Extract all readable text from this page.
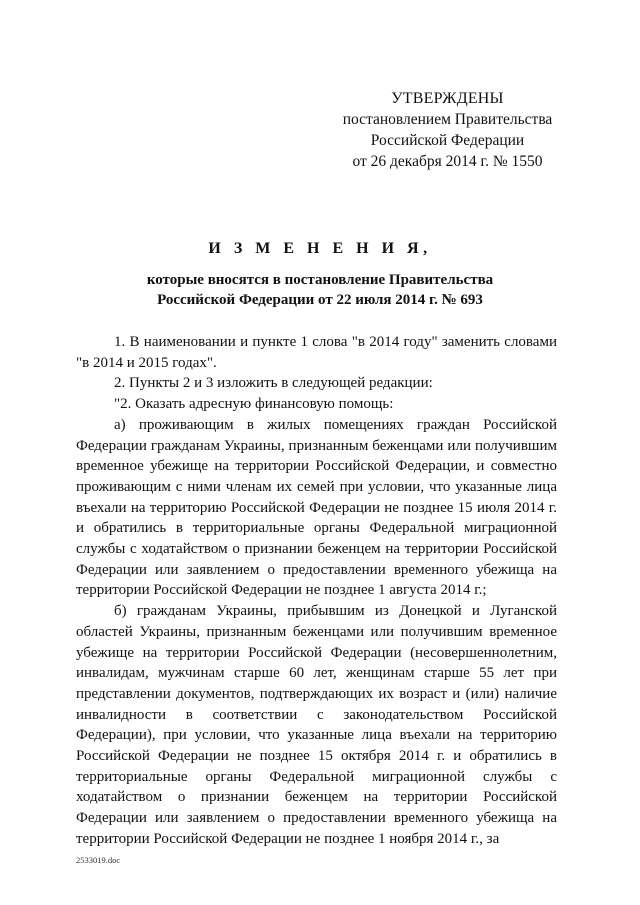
УТВЕРЖДЕНЫ
постановлением Правительства
Российской Федерации
от 26 декабря 2014 г. № 1550
И З М Е Н Е Н И Я,
которые вносятся в постановление Правительства
Российской Федерации от 22 июля 2014 г. № 693

1. В наименовании и пункте 1 слова "в 2014 году" заменить словами "в 2014 и 2015 годах".

2. Пункты 2 и 3 изложить в следующей редакции:

"2. Оказать адресную финансовую помощь:

а) проживающим в жилых помещениях граждан Российской Федерации гражданам Украины, признанным беженцами или получившим временное убежище на территории Российской Федерации, и совместно проживающим с ними членам их семей при условии, что указанные лица въехали на территорию Российской Федерации не позднее 15 июля 2014 г. и обратились в территориальные органы Федеральной миграционной службы с ходатайством о признании беженцем на территории Российской Федерации или заявлением о предоставлении временного убежища на территории Российской Федерации не позднее 1 августа 2014 г.;

б) гражданам Украины, прибывшим из Донецкой и Луганской областей Украины, признанным беженцами или получившим временное убежище на территории Российской Федерации (несовершеннолетним, инвалидам, мужчинам старше 60 лет, женщинам старше 55 лет при представлении документов, подтверждающих их возраст и (или) наличие инвалидности в соответствии с законодательством Российской Федерации), при условии, что указанные лица въехали на территорию Российской Федерации не позднее 15 октября 2014 г. и обратились в территориальные органы Федеральной миграционной службы с ходатайством о признании беженцем на территории Российской Федерации или заявлением о предоставлении временного убежища на территории Российской Федерации не позднее 1 ноября 2014 г., за

2533019.doc
